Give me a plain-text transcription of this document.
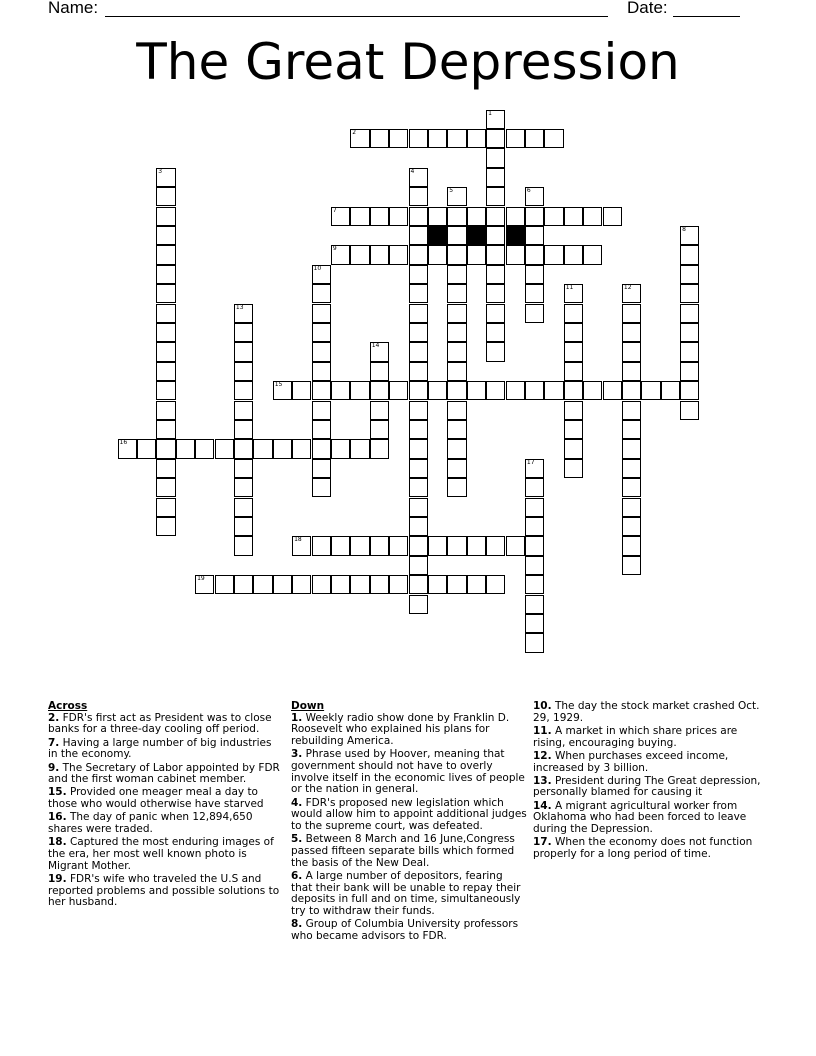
Name:	Date:
The Great Depression
2
7
9
15
16
18
19
1
3	4
5	6
8
10
11	12
13
14
17
Across
2. FDR's first act as President was to close banks for a three-day cooling off period.
7. Having a large number of big industries in the economy.
9. The Secretary of Labor appointed by FDR and the first woman cabinet member.
15. Provided one meager meal a day to those who would otherwise have starved
16. The day of panic when 12,894,650 shares were traded.
18. Captured the most enduring images of the era, her most well known photo is Migrant Mother.
19. FDR's wife who traveled the U.S and reported problems and possible solutions to her husband.
Down
1. Weekly radio show done by Franklin D. Roosevelt who explained his plans for rebuilding America.
3. Phrase used by Hoover, meaning that government should not have to overly involve itself in the economic lives of people or the nation in general.
4. FDR's proposed new legislation which would allow him to appoint additional judges to the supreme court, was defeated.
5. Between 8 March and 16 June,Congress passed fifteen separate bills which formed the basis of the New Deal.
6. A large number of depositors, fearing that their bank will be unable to repay their deposits in full and on time, simultaneously try to withdraw their funds.
8. Group of Columbia University professors who became advisors to FDR.
10. The day the stock market crashed Oct. 29, 1929.
11. A market in which share prices are rising, encouraging buying.
12. When purchases exceed income, increased by 3 billion.
13. President during The Great depression, personally blamed for causing it
14. A migrant agricultural worker from Oklahoma who had been forced to leave during the Depression.
17. When the economy does not function properly for a long period of time.
